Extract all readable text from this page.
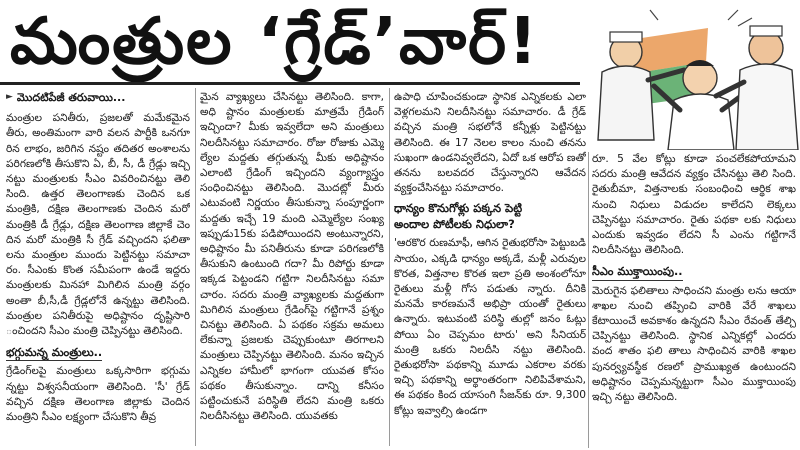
మంత్రుల ‘గ్రేడ్‌’వార్‌!
► మొదటిపేజీ తరువాయి...

మంత్రుల పనితీరు, ప్రజలతో మమేకమైన తీరు, అంతిమంగా వారి వలన పార్టీకి ఒనగూ రిన లాభం, జరిగిన నష్టం తదితర అంశాలను పరిగణలోకి తీసుకొని ఏ, బీ, సీ, డీ గ్రేడ్లు ఇచ్చి నట్టు మంత్రులకు సీఎం వివరించినట్టు తెలి సింది. ఉత్తర తెలంగాణకు చెందిన ఒక మంత్రికి, దక్షిణ తెలంగాణకు చెందిన మరో మంత్రికి డీ గ్రేడ్లు, దక్షిణ తెలంగాణ జిల్లాకే చెం దిన మరో మంత్రికి సీ గ్రేడ్‌ వచ్చిందని ఫలితా లను మంత్రుల ముందు పెట్టినట్టు సమాచా రం. సీఎంకు కొంత సమీపంగా ఉండే ఇద్దరు మంత్రులకు మినహా మిగిలిన మంత్రి వర్గం అంతా బీ,సీ,డీ గ్రేడ్లలోనే ఉన్నట్టు తెలిసింది. మంత్రుల పనితీరుపై అధిష్టానం దృష్టిసారి ంచిందని సీఎం మంత్రి చెప్పినట్టు తెలిసింది.

భగ్గుమన్న మంత్రులు..

గ్రేడింగ్‌లపై మంత్రులు ఒక్కసారిగా భగ్గుమ న్నట్టు విశ్వసనీయంగా తెలిసింది. 'సీ' గ్రేడ్‌ వచ్చిన దక్షిణ తెలంగాణ జిల్లాకు చెందిన మంత్రిని సీఎం లక్ష్యంగా చేసుకొని తీవ్ర

మైన వ్యాఖ్యలు చేసినట్టు తెలిసింది. కాగా, అధి ష్టానం మంత్రులకు మాత్రమే గ్రేడింగ్‌ ఇచ్చిందా? మీకు ఇవ్వలేదా అని మంత్రులు నిలదీసినట్టు సమాచారం. రోజు రోజుకు ఎమ్మె ల్యేల మద్దతు తగ్గుతున్న మీకు అధిష్టానం ఎలాంటి గ్రేడింగ్‌ ఇచ్చిందని వ్యంగ్యాస్త్రం సంధించినట్టు తెలిసింది. మొదట్లో మీరు ఎటువంటి నిర్ణయం తీసుకున్నా సంపూర్ణంగా మద్దతు ఇచ్చే 19 మంది ఎమ్మెల్యేల సంఖ్య ఇప్పుడు15కు పడిపోయిందని అంటున్నారని, అధిష్టానం మీ పనితీరును కూడా పరిగణలోకి తీసుకుని ఉంటుంది గదా? మీ రిపోర్టు కూడా ఇక్కడ పెట్టండని గట్టిగా నిలదీసినట్టు సమా చారం. సదరు మంత్రి వ్యాఖ్యలకు మద్దతుగా మిగిలిన మంత్రులు గ్రేడింగ్‌పై గట్టిగానే ప్రశ్నం చినట్టు తెలిసింది. ఏ పథకం సక్రమ అమలు లేకున్నా ప్రజలకు చెప్పుకుంటూ తిరగాలని మంత్రులు చెప్పినట్టు తెలిసింది. మనం ఇచ్చిన ఎన్నికల హామీలో భాగంగా యువత కోసం పథకం తీసుకున్నాం. దాన్ని కనీసం పట్టించుకునే పరిస్థితి లేదని మంత్రి ఒకరు నిలదీసినట్టు తెలిసింది. యువతకు

ఉపాధి చూపించకుండా స్థానిక ఎన్నికలకు ఎలా వెళ్లగలమని నిలదీసినట్టు సమాచారం. డీ గ్రేడ్‌ వచ్చిన మంత్రి సభలోనే కన్నీళ్లు పెట్టినట్టు తెలిసింది. ఈ 17 నెలల కాలం నుంచి తనను సుఖంగా ఉండనివ్వలేదని, ఏదో ఒక ఆరోప ణతో తనను బలవదర చేస్తున్నారని ఆవేదన వ్యక్తంచేసినట్టు సమాచారం.

ధాన్యం కొనుగోళ్లు పక్కన పెట్టి
అందాల పోటీలకు నిధులా?

'ఆరకొర రుణమాఫీ, ఆగిన రైతుభరోసా పెట్టుబడి సాయం, ఎక్కడి ధాన్యం అక్కడే, మళ్లీ ఎరువుల కొరత, విత్తనాల కొరత ఇలా ప్రతి అంశంలోనూ రైతులు మళ్లీ గోస పడుతు న్నారు. దీనికి మనమే కారణమనే అభిప్రా యంతో రైతులు ఉన్నారు. ఇటువంటి పరిస్థి తుల్లో జనం ఓట్లు పోయి ఏం చెప్పమం టారు' అని సీనియర్‌ మంత్రి ఒకరు నిలదీసి నట్టు తెలిసింది. రైతుభరోసా పథకాన్ని మూడు ఎకరాల వరకు ఇచ్చి పథకాన్ని అర్థాంతరంగా నిలిపివేశామని, ఈ పథకం కింద యాసంగి సీజన్‌కు రూ. 9,300 కోట్లు ఇవ్వాల్సి ఉండగా

రూ. 5 వేల కోట్లు కూడా పంచలేకపోయామని సదరు మంత్రి ఆవేదన వ్యక్తం చేసినట్టు తెలి సింది. రైతుబీమా, విత్తనాలకు సంబంధించి ఆర్థిక శాఖ నుంచి నిధులు విడుదల కాలేదని లెక్కలు చెప్పినట్టు సమాచారం. రైతు పథకా లకు నిధులు ఎందుకు ఇవ్వడం లేదని సీ ఎంను గట్టిగానే నిలదీసినట్టు తెలిసింది.

సీఎం ముక్తాయింపు..

మెరుగైన ఫలితాలు సాధించని మంత్రు లను ఆయా శాఖల నుంచి తప్పించి వారికి వేరే శాఖలు కేటాయించే అవకాశం ఉన్నదని సీఎం రేవంత్‌ తేల్చి చెప్పినట్టు తెలిసింది. స్థానిక ఎన్నికల్లో ఎందరు వంద శాతం ఫలి తాలు సాధించిన వారికి శాఖల పునర్వ్యవస్థీక రణలో ప్రాముఖ్యత ఉంటుందని అధిష్టానం చెప్పమన్నట్టుగా సీఎం ముక్తాయింపు ఇచ్చి నట్టు తెలిసింది.
